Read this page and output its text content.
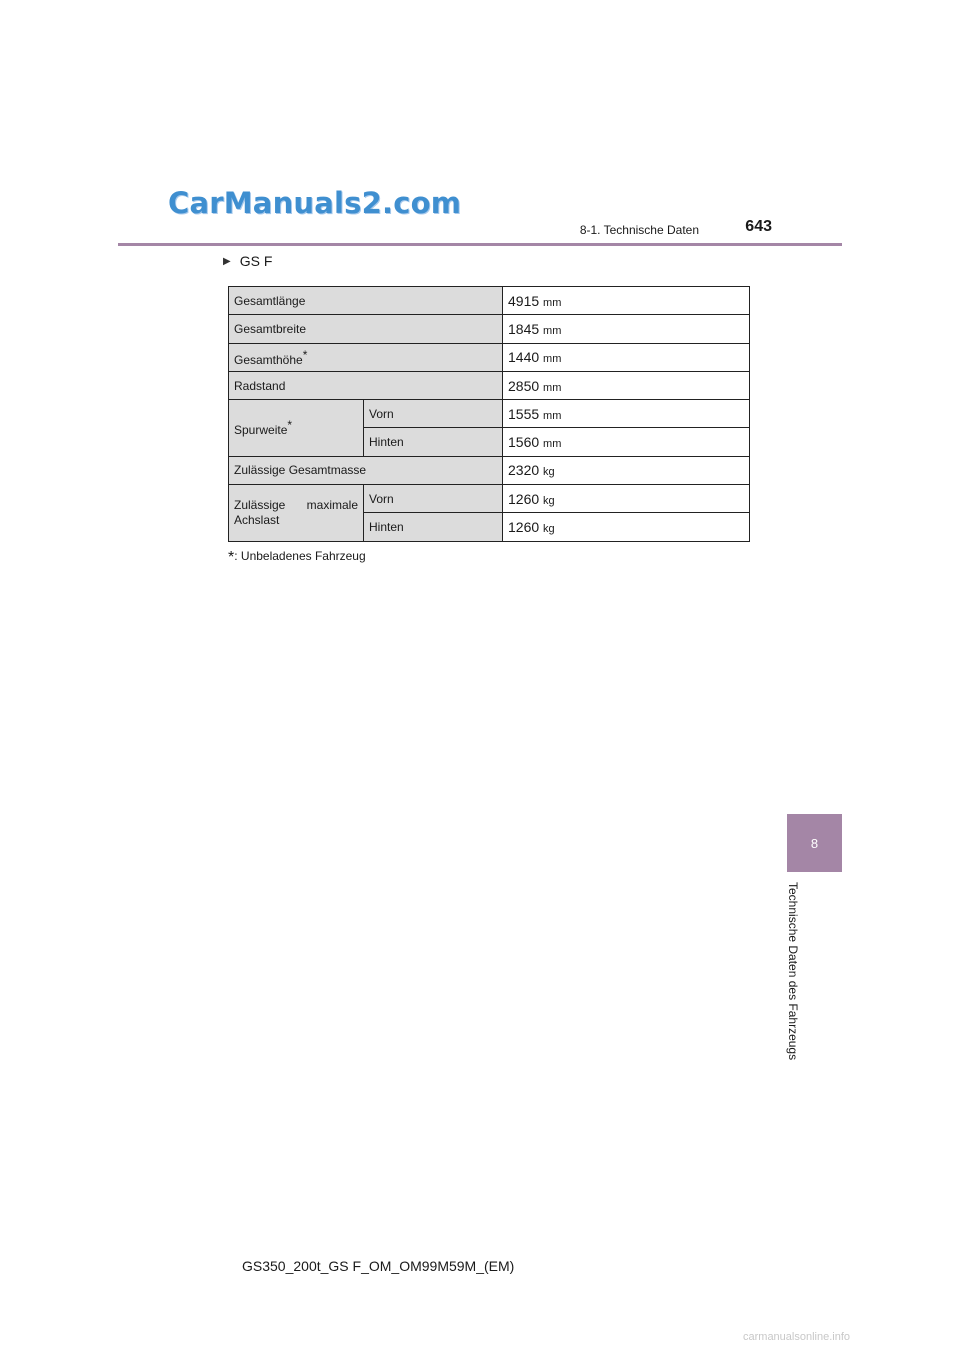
CarManuals2.com
8-1. Technische Daten	643
▶ GS F
Gesamtlänge		4915 mm
Gesamtbreite		1845 mm
Gesamthöhe*		1440 mm
Radstand		2850 mm
Spurweite*	Vorn	1555 mm
	Hinten	1560 mm
Zulässige Gesamtmasse		2320 kg
Zulässige maximale Achslast	Vorn	1260 kg
	Hinten	1260 kg
*: Unbeladenes Fahrzeug
8
Technische Daten des Fahrzeugs
GS350_200t_GS F_OM_OM99M59M_(EM)
carmanualsonline.info
